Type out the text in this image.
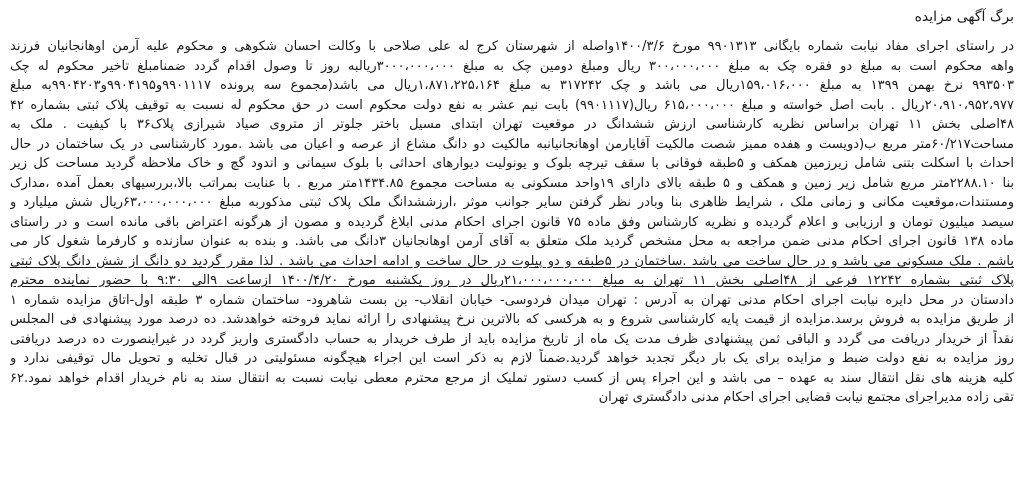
برگ آگهی مزایده
در راستای اجرای مفاد نیابت شماره بایگانی ۹۹۰۱۳۱۳ مورخ ۱۴۰۰/۳/۶واصله از شهرستان کرج له علی صلاحی با وکالت احسان شکوهی و محکوم علیه آرمن اوهانجانیان فرزند
واهه محکوم است به مبلغ دو فقره چک به مبلغ ۳۰۰،۰۰۰،۰۰۰ ریال ومبلغ دومین چک به مبلغ ۳۰۰۰،۰۰۰،۰۰۰ریالبه روز تا وصول اقدام گردد ضمنامبلغ تاخیر محکوم له چک
۹۹۳۵۰۳ نرخ بهمن ۱۳۹۹ به مبلغ ۱۵۹،۰۱۶،۰۰۰ریال می باشد و چک ۳۱۷۲۴۲ به مبلغ ۱،۸۷۱،۲۲۵،۱۶۴ریال می باشد(مجموع سه پرونده ۹۹۰۱۱۱۷و۹۹۰۴۱۹۵و۹۹۰۴۲۰۳به مبلغ
۲۰،۹۱۰،۹۵۲،۹۷۷ریال . بابت اصل خواسته و مبلغ ۶۱۵،۰۰۰،۰۰۰ ریال(۹۹۰۱۱۱۷) بابت نیم عشر به نفع دولت محکوم است در حق محکوم له نسبت به توقیف پلاک ثبتی بشماره ۴۲
۴۸اصلی بخش ۱۱ تهران براساس نظریه کارشناسی ارزش ششدانگ در موقعیت تهران ابتدای مسیل باختر جلوتر از متروی صیاد شیرازی پلاک۳۶ با کیفیت . ملک به
مساحت۶۰/۲۱۷متر مربع ب(دویست و هفده ممیز شصت مالکیت آقایارمن اوهانجانیانبه مالکیت دو دانگ مشاع از عرصه و اعیان می باشد .مورد کارشناسی در یک ساختمان در حال
احداث با اسکلت بتنی شامل زیرزمین همکف و ۵طبقه فوقانی با سقف تیرچه بلوک و یونولیت دیوارهای احداثی با بلوک سیمانی و اندود گچ و خاک ملاحظه گردید مساحت کل زیر
بنا ۲۲۸۸.۱۰متر مربع شامل زیر زمین و همکف و ۵ طبقه بالای دارای ۱۹واحد مسکونی به مساحت مجموع ۱۴۳۴.۸۵متر مربع . با عنایت بمراتب بالا،بررسیهای بعمل آمده ،مدارک
ومستندات،موقعیت مکانی و زمانی ملک ، شرایط ظاهری بنا وبادر نظر گرفتن سایر جوانب موثر ،ارزششدانگ ملک پلاک ثبتی مذکوربه مبلغ ۶۳،۰۰۰،۰۰۰،۰۰۰ریال شش میلیارد و
سیصد میلیون تومان و ارزیابی و اعلام گردیده و نظریه کارشناس وفق ماده ۷۵ قانون اجرای احکام مدنی ابلاغ گردیده و مصون از هرگونه اعتراض باقی مانده است و در راستای
ماده ۱۳۸ قانون اجرای احکام مدنی ضمن مراجعه به محل مشخص گردید ملک متعلق به آقای آرمن اوهانجانیان ۳دانگ می باشد. و بنده به عنوان سازنده و کارفرما شغول کار می
باشم . ملک مسکونی می باشد و در حال ساخت می باشد .ساختمان در ۵طبقه و دو پیلوت در حال ساخت و ادامه احداث می باشد . لذا مقرر گردید دو دانگ از شش دانگ پلاک ثبتی
پلاک ثبتی بشماره ۱۲۲۴۲ فرعی از ۴۸اصلی بخش ۱۱ تهران به مبلغ ۲۱،۰۰۰،۰۰۰،۰۰۰ریال در روز یکشنبه مورخ ۱۴۰۰/۴/۲۰ ازساعت ۹الی ۹:۳۰ با حضور نماینده محترم
دادستان در محل دایره نیابت اجرای احکام مدنی تهران به آدرس : تهران میدان فردوسی- خیابان انقلاب- بن بست شاهرود- ساختمان شماره ۳ طبقه اول-اتاق مزایده شماره ۱
از طریق مزایده به فروش برسد.مزایده از قیمت پایه کارشناسی شروع و به هرکسی که بالاترین نرخ پیشنهادی را ارائه نماید فروخته خواهدشد. ده درصد مورد پیشنهادی فی المجلس
نقداً از خریدار دریافت می گردد و الباقی ثمن پیشنهادی ظرف مدت یک ماه از تاریخ مزایده باید از طرف خریدار به حساب دادگستری واریز گردد در غیراینصورت ده درصد دریافتی
روز مزایده به نفع دولت ضبط و مزایده برای یک بار دیگر تجدید خواهد گردید.ضمناً لازم به ذکر است این اجراء هیچگونه مسئولیتی در قبال تخلیه و تحویل مال توقیفی ندارد و
کلیه هزینه های نقل انتقال سند به عهده – می باشد و این اجراء پس از کسب دستور تملیک از مرجع محترم معطی نیابت نسبت به انتقال سند به نام خریدار اقدام خواهد نمود.۶۲
تقی زاده مدیراجرای مجتمع نیابت قضایی اجرای احکام مدنی دادگستری تهران
